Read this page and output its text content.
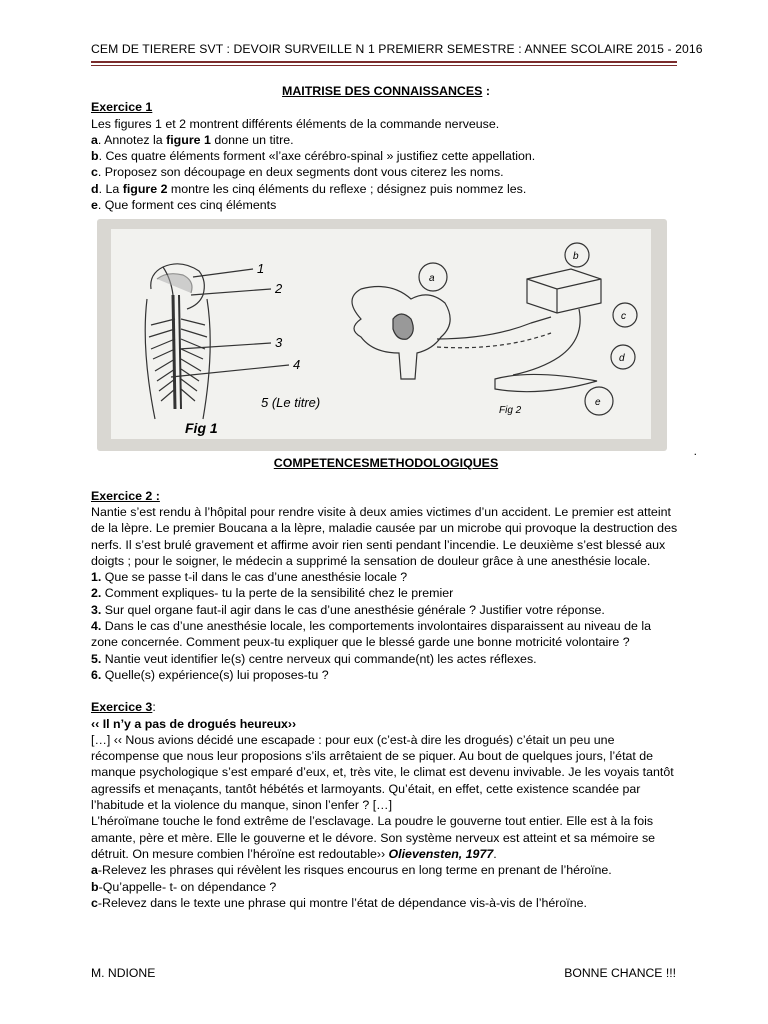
CEM DE TIERERE SVT : DEVOIR SURVEILLE N 1 PREMIERR SEMESTRE : ANNEE SCOLAIRE 2015 - 2016

MAITRISE DES CONNAISSANCES :

Exercice 1

Les figures 1 et 2 montrent différents éléments de la commande nerveuse.

a. Annotez la figure 1 donne un titre.

b. Ces quatre éléments forment «l’axe cérébro-spinal » justifiez cette appellation.

c. Proposez son découpage en deux segments dont vous citerez les noms.

d. La figure 2 montre les cinq éléments du reflexe ; désignez puis nommez les.

e. Que forment ces cinq éléments

1
2
3
4
5 (Le titre)
Fig 1
a
b
c
d
e
Fig 2
.

COMPETENCESMETHODOLOGIQUES

Exercice 2 :

Nantie s’est rendu à l’hôpital pour rendre visite à deux amies victimes d’un accident. Le premier est atteint de la lèpre. Le premier Boucana a la lèpre, maladie causée par un microbe qui provoque la destruction des nerfs. Il s’est brulé gravement et affirme avoir rien senti pendant l’incendie. Le deuxième s’est blessé aux doigts ; pour le soigner, le médecin a supprimé la sensation de douleur grâce à une anesthésie locale.

1. Que se passe t-il dans le cas d’une anesthésie locale ?

2. Comment expliques- tu la perte de la sensibilité chez le premier

3. Sur quel organe faut-il agir dans le cas d’une anesthésie générale ? Justifier votre réponse.

4. Dans le cas d’une anesthésie locale, les comportements involontaires disparaissent au niveau de la zone concernée. Comment peux-tu expliquer que le blessé garde une bonne motricité volontaire ?

5. Nantie veut identifier le(s) centre nerveux qui commande(nt) les actes réflexes.

6. Quelle(s) expérience(s) lui proposes-tu ?

Exercice 3:

‹‹ Il n’y a pas de drogués heureux››

[…] ‹‹ Nous avions décidé une escapade : pour eux (c’est-à dire les drogués) c’était un peu une récompense que nous leur proposions s’ils arrêtaient de se piquer. Au bout de quelques jours, l’état de manque psychologique s’est emparé d’eux, et, très vite, le climat est devenu invivable. Je les voyais tantôt agressifs et menaçants, tantôt hébétés et larmoyants. Qu’était, en effet, cette existence scandée par l’habitude et la violence du manque, sinon l’enfer ? […]

L’héroïmane touche le fond extrême de l’esclavage. La poudre le gouverne tout entier. Elle est à la fois amante, père et mère. Elle le gouverne et le dévore. Son système nerveux est atteint et sa mémoire se détruit. On mesure combien l’héroïne est redoutable›› Olievensten, 1977.

a-Relevez les phrases qui révèlent les risques encourus en long terme en prenant de l’héroïne.

b-Qu’appelle- t- on dépendance ?

c-Relevez dans le texte une phrase qui montre l’état de dépendance vis-à-vis de l’héroïne.

M. NDIONE	BONNE CHANCE !!!
